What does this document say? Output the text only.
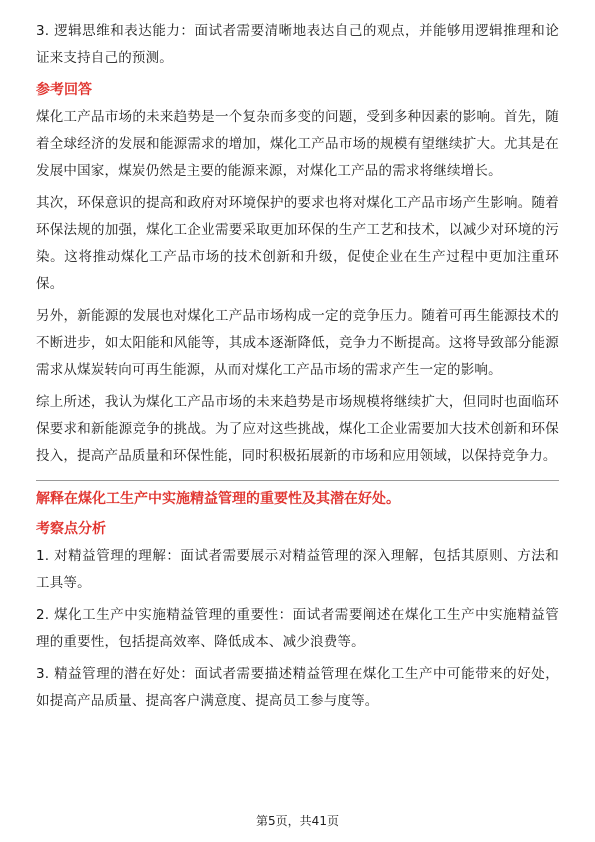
3. 逻辑思维和表达能力：面试者需要清晰地表达自己的观点，并能够用逻辑推理和论证来支持自己的预测。

参考回答

煤化工产品市场的未来趋势是一个复杂而多变的问题，受到多种因素的影响。首先，随着全球经济的发展和能源需求的增加，煤化工产品市场的规模有望继续扩大。尤其是在发展中国家，煤炭仍然是主要的能源来源，对煤化工产品的需求将继续增长。

其次，环保意识的提高和政府对环境保护的要求也将对煤化工产品市场产生影响。随着环保法规的加强，煤化工企业需要采取更加环保的生产工艺和技术，以减少对环境的污染。这将推动煤化工产品市场的技术创新和升级，促使企业在生产过程中更加注重环保。

另外，新能源的发展也对煤化工产品市场构成一定的竞争压力。随着可再生能源技术的不断进步，如太阳能和风能等，其成本逐渐降低，竞争力不断提高。这将导致部分能源需求从煤炭转向可再生能源，从而对煤化工产品市场的需求产生一定的影响。

综上所述，我认为煤化工产品市场的未来趋势是市场规模将继续扩大，但同时也面临环保要求和新能源竞争的挑战。为了应对这些挑战，煤化工企业需要加大技术创新和环保投入，提高产品质量和环保性能，同时积极拓展新的市场和应用领域，以保持竞争力。

解释在煤化工生产中实施精益管理的重要性及其潜在好处。

考察点分析

1. 对精益管理的理解：面试者需要展示对精益管理的深入理解，包括其原则、方法和工具等。

2. 煤化工生产中实施精益管理的重要性：面试者需要阐述在煤化工生产中实施精益管理的重要性，包括提高效率、降低成本、减少浪费等。

3. 精益管理的潜在好处：面试者需要描述精益管理在煤化工生产中可能带来的好处，如提高产品质量、提高客户满意度、提高员工参与度等。

第5页，共41页
